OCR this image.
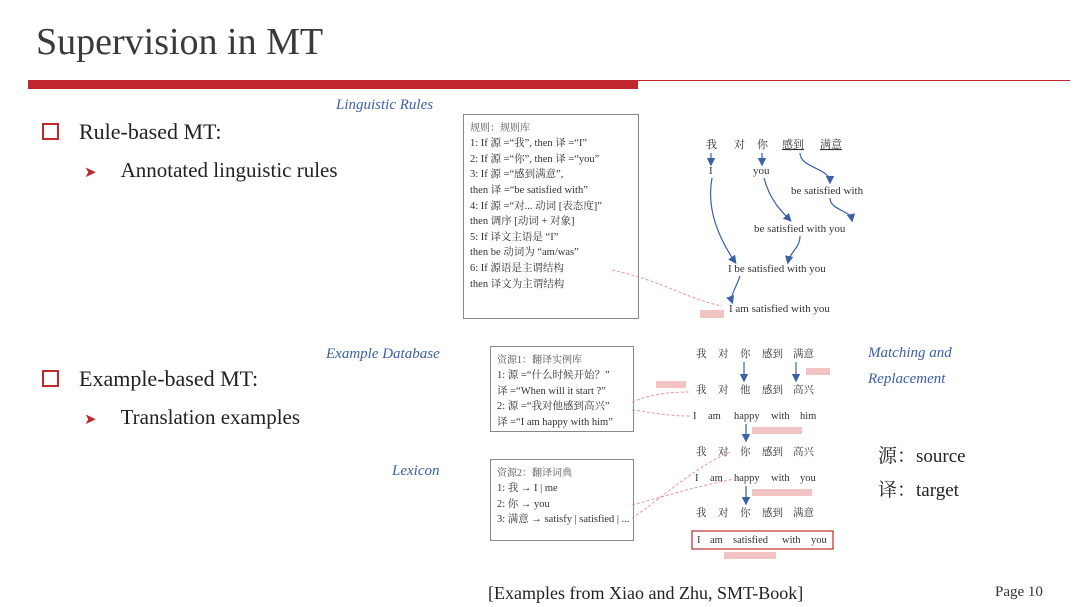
Supervision in MT
Rule-based MT:
➤ Annotated linguistic rules
Example-based MT:
➤ Translation examples
Linguistic Rules
Example Database
Lexicon
Matching and
Replacement
规则：规则库
1: If 源 =“我”, then 译 =“I”
2: If 源 =“你”, then 译 =“you”
3: If 源 =“感到满意”,
then 译 =“be satisfied with”
4: If 源 =“对... 动词 [表态度]”
then 调序 [动词 + 对象]
5: If 译文主语是 “I”
then be 动词为 “am/was”
6: If 源语是主谓结构
then 译文为主谓结构
资源1：翻译实例库
1: 源 =“什么时候开始？”
译 =“When will it start ?”
2: 源 =“我对他感到高兴”
译 =“I am happy with him”
资源2：翻译词典
1: 我 → I | me
2: 你 → you
3: 满意 → satisfy | satisfied | ...
我 对 你 感到 满意
I	you
be satisfied with
be satisfied with you
I be satisfied with you
I am satisfied with you
我 对 你 感到 满意
我 对 他 感到 高兴
I am happy with him
我 对 你 感到 高兴
I am happy with you
我 对 你 感到 满意
I am satisfied with you
源：source
译：target
[Examples from Xiao and Zhu, SMT-Book]	Page 10
